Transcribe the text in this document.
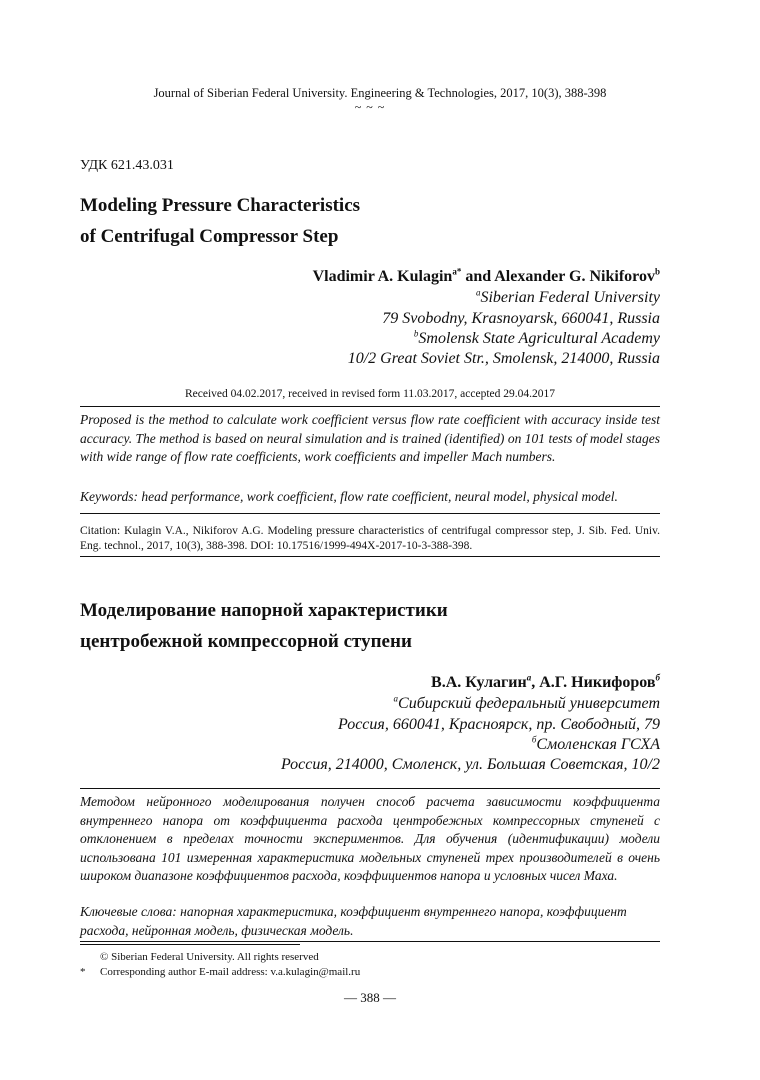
Journal of Siberian Federal University. Engineering & Technologies, 2017, 10(3), 388-398
~ ~ ~
УДК 621.43.031
Modeling Pressure Characteristics
of Centrifugal Compressor Step
Vladimir A. Kulagin$^{a*}$ and Alexander G. Nikiforov$^b$
$^a$Siberian Federal University
79 Svobodny, Krasnoyarsk, 660041, Russia
$^b$Smolensk State Agricultural Academy
10/2 Great Soviet Str., Smolensk, 214000, Russia
Received 04.02.2017, received in revised form 11.03.2017, accepted 29.04.2017

Proposed is the method to calculate work coefficient versus flow rate coefficient with accuracy inside test accuracy. The method is based on neural simulation and is trained (identified) on 101 tests of model stages with wide range of flow rate coefficients, work coefficients and impeller Mach numbers.

Keywords: head performance, work coefficient, flow rate coefficient, neural model, physical model.

Citation: Kulagin V.A., Nikiforov A.G. Modeling pressure characteristics of centrifugal compressor step, J. Sib. Fed. Univ. Eng. technol., 2017, 10(3), 388-398. DOI: 10.17516/1999-494X-2017-10-3-388-398.

Моделирование напорной характеристики
центробежной компрессорной ступени
В.А. Кулагин$^а$, А.Г. Никифоров$^б$
$^а$Сибирский федеральный университет
Россия, 660041, Красноярск, пр. Свободный, 79
$^б$Смоленская ГСХА
Россия, 214000, Смоленск, ул. Большая Советская, 10/2

Методом нейронного моделирования получен способ расчета зависимости коэффициента внутреннего напора от коэффициента расхода центробежных компрессорных ступеней с отклонением в пределах точности экспериментов. Для обучения (идентификации) модели использована 101 измеренная характеристика модельных ступеней трех производителей в очень широком диапазоне коэффициентов расхода, коэффициентов напора и условных чисел Маха.

Ключевые слова: напорная характеристика, коэффициент внутреннего напора, коэффициент расхода, нейронная модель, физическая модель.

© Siberian Federal University. All rights reserved
* Corresponding author E-mail address: v.a.kulagin@mail.ru
— 388 —
